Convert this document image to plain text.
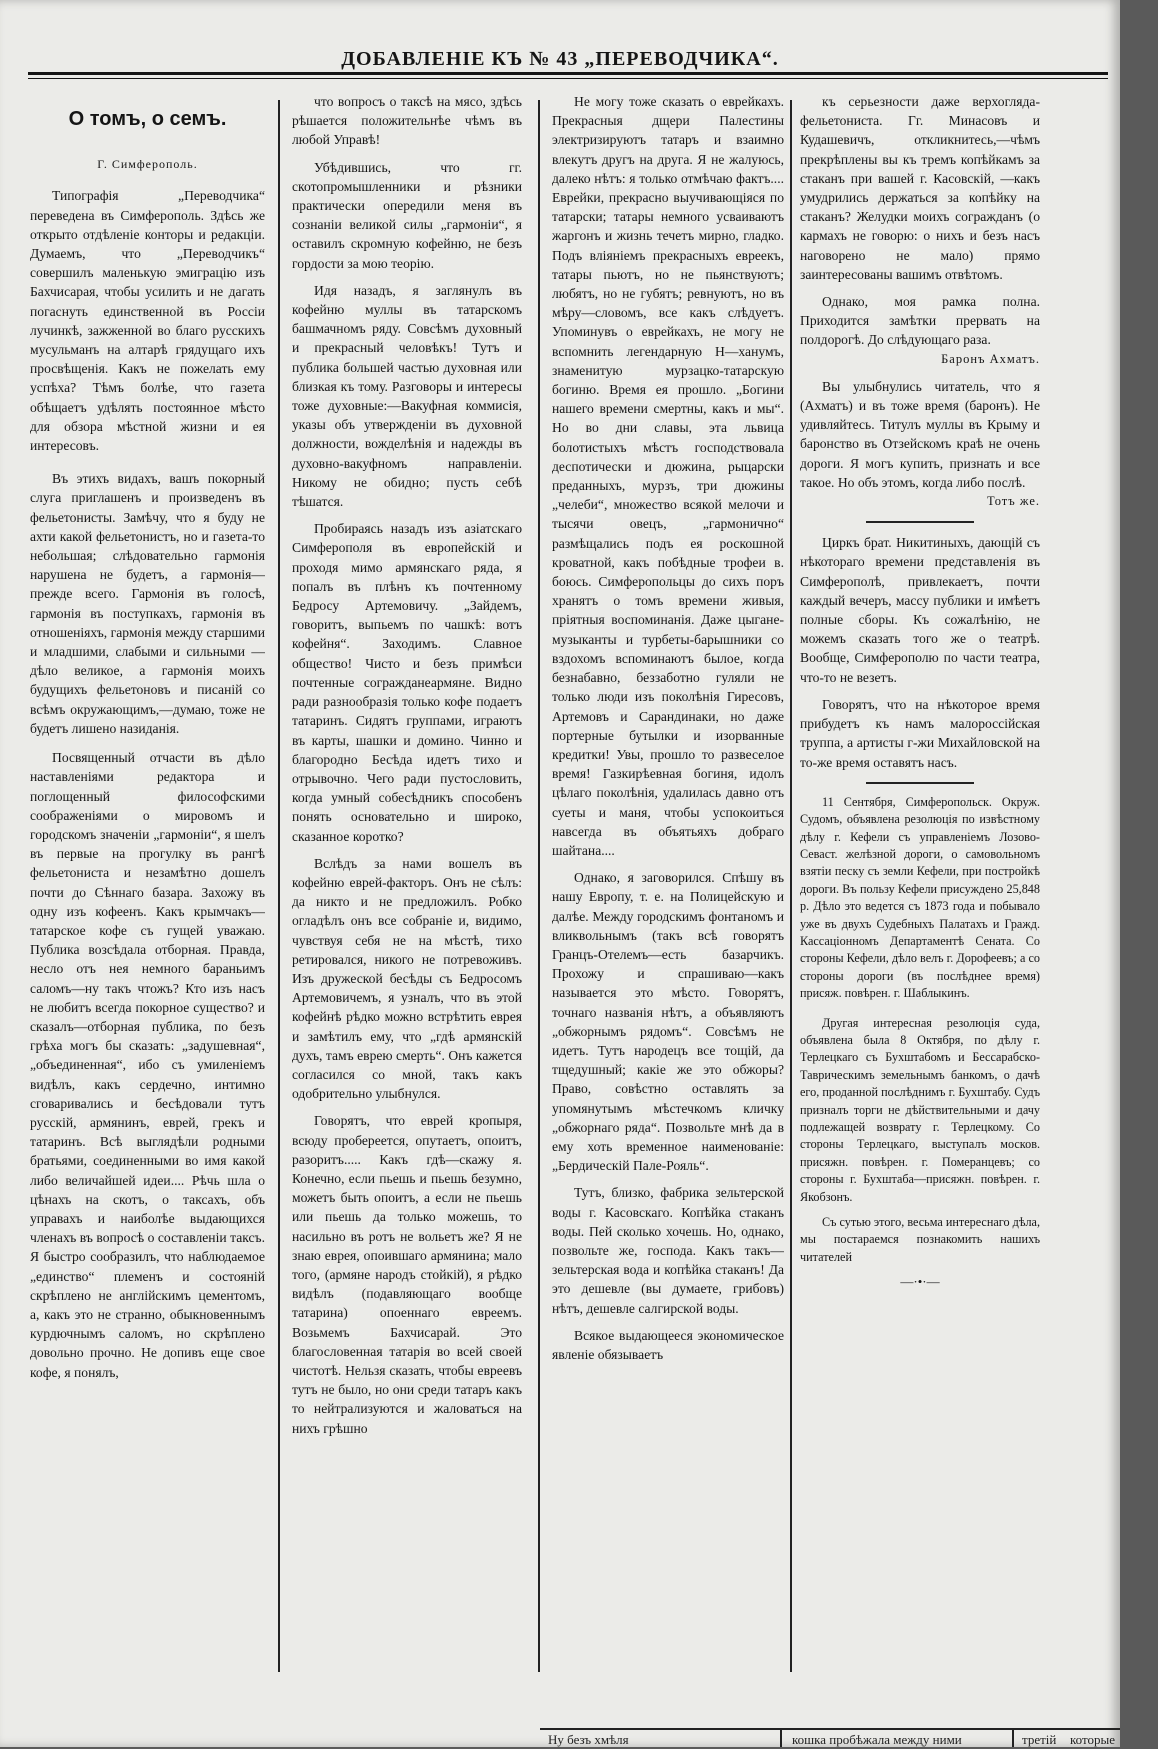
ДОБАВЛЕНІЕ КЪ № 43 „ПЕРЕВОДЧИКА“.
О томъ, о семъ.
Г. Симферополь.

Типографія „Переводчика“ переведена въ Симферополь. Здѣсь же открыто отдѣленіе конторы и редакціи. Думаемъ, что „Переводчикъ“ совершилъ маленькую эмиграцію изъ Бахчисарая, чтобы усилить и не дагать погаснуть единственной въ Россіи лучинкѣ, зажженной во благо русскихъ мусульманъ на алтарѣ грядущаго ихъ просвѣщенія. Какъ не пожелать ему успѣха? Тѣмъ болѣе, что газета обѣщаетъ удѣлять постоянное мѣсто для обзора мѣстной жизни и ея интересовъ.

Въ этихъ видахъ, вашъ покорный слуга приглашенъ и произведенъ въ фельетонисты. Замѣчу, что я буду не ахти какой фельетонистъ, но и газета-то небольшая; слѣдовательно гармонія нарушена не будетъ, а гармонія—прежде всего. Гармонія въ голосѣ, гармонія въ поступкахъ, гармонія въ отношеніяхъ, гармонія между старшими и младшими, слабыми и сильными —дѣло великое, а гармонія моихъ будущихъ фельетоновъ и писаній со всѣмъ окружающимъ,—думаю, тоже не будетъ лишено назиданія.

Посвященный отчасти въ дѣло наставленіями редактора и поглощенный философскими соображеніями о мировомъ и городскомъ значеніи „гармоніи“, я шелъ въ первые на прогулку въ рангѣ фельетониста и незамѣтно дошелъ почти до Сѣннаго базара. Захожу въ одну изъ кофеенъ. Какъ крымчакъ—татарское кофе съ гущей уважаю. Публика возсѣдала отборная. Правда, несло отъ нея немного бараньимъ саломъ—ну такъ чтожъ? Кто изъ насъ не любитъ всегда покорное существо? и сказалъ—отборная публика, по безъ грѣха могъ бы сказать: „задушевная“, „объединенная“, ибо съ умиленіемъ видѣлъ, какъ сердечно, интимно сговаривались и бесѣдовали тутъ русскій, армянинъ, еврей, грекъ и татаринъ. Всѣ выглядѣли родными братьями, соединенными во имя какой либо величайшей идеи.... Рѣчь шла о цѣнахъ на скотъ, о таксахъ, объ управахъ и наиболѣе выдающихся членахъ въ вопросѣ о составленіи таксъ. Я быстро сообразилъ, что наблюдаемое „единство“ племенъ и состояній скрѣплено не англійскимъ цементомъ, а, какъ это не странно, обыкновеннымъ курдючнымъ саломъ, но скрѣплено довольно прочно. Не допивъ еще свое кофе, я понялъ,

что вопросъ о таксѣ на мясо, здѣсь рѣшается положительнѣе чѣмъ въ любой Управѣ!

Убѣдившись, что гг. скотопромышленники и рѣзники практически опередили меня въ сознаніи великой силы „гармоніи“, я оставилъ скромную кофейню, не безъ гордости за мою теорію.

Идя назадъ, я заглянулъ въ кофейню муллы въ татарскомъ башмачномъ ряду. Совсѣмъ духовный и прекрасный человѣкъ! Тутъ и публика большей частью духовная или близкая къ тому. Разговоры и интересы тоже духовные:—Вакуфная коммисія, указы объ утвержденіи въ духовной должности, вожделѣнія и надежды въ духовно-вакуфномъ направленіи. Никому не обидно; пусть себѣ тѣшатся.

Пробираясь назадъ изъ азіатскаго Симферополя въ европейскій и проходя мимо армянскаго ряда, я попалъ въ плѣнъ къ почтенному Бедросу Артемовичу. „Зайдемъ, говоритъ, выпьемъ по чашкѣ: вотъ кофейня“. Заходимъ. Славное общество! Чисто и безъ примѣси почтенные согражданеармяне. Видно ради разнообразія только кофе подаетъ татаринъ. Сидятъ группами, играютъ въ карты, шашки и домино. Чинно и благородно Бесѣда идетъ тихо и отрывочно. Чего ради пустословить, когда умный собесѣдникъ способенъ понять основательно и широко, сказанное коротко?

Вслѣдъ за нами вошелъ въ кофейню еврей-факторъ. Онъ не сѣлъ: да никто и не предложилъ. Робко огладѣлъ онъ все собраніе и, видимо, чувствуя себя не на мѣстѣ, тихо ретировался, никого не потревоживъ. Изъ дружеской бесѣды съ Бедросомъ Артемовичемъ, я узналъ, что въ этой кофейнѣ рѣдко можно встрѣтить еврея и замѣтилъ ему, что „гдѣ армянскій духъ, тамъ еврею смерть“. Онъ кажется согласился со мной, такъ какъ одобрительно улыбнулся.

Говорятъ, что еврей кропыря, всюду пробереется, опутаетъ, опоитъ, разоритъ..... Какъ гдѣ—скажу я. Конечно, если пьешь и пьешь безумно, можетъ быть опоитъ, а если не пьешь или пьешь да только можешь, то насильно въ ротъ не вольетъ же? Я не знаю еврея, опоившаго армянина; мало того, (армяне народъ стойкій), я рѣдко видѣлъ (подавляющаго вообще татарина) опоеннаго евреемъ. Возьмемъ Бахчисарай. Это благословенная татарія во всей своей чистотѣ. Нельзя сказать, чтобы евреевъ тутъ не было, но они среди татаръ какъ то нейтрализуются и жаловаться на нихъ грѣшно

Не могу тоже сказать о еврейкахъ. Прекрасныя дщери Палестины электризируютъ татаръ и взаимно влекутъ другъ на друга. Я не жалуюсь, далеко нѣтъ: я только отмѣчаю фактъ.... Еврейки, прекрасно выучивающіяся по татарски; татары немного усваиваютъ жаргонъ и жизнь течетъ мирно, гладко. Подъ вліяніемъ прекрасныхъ евреекъ, татары пьютъ, но не пьянствуютъ; любятъ, но не губятъ; ревнуютъ, но въ мѣру—словомъ, все какъ слѣдуетъ. Упоминувъ о еврейкахъ, не могу не вспомнить легендарную Н—ханумъ, знаменитую мурзацко-татарскую богиню. Время ея прошло. „Богини нашего времени смертны, какъ и мы“. Но во дни славы, эта львица болотистыхъ мѣстъ господствовала деспотически и дюжина, рыцарски преданныхъ, мурзъ, три дюжины „челеби“, множество всякой мелочи и тысячи овецъ, „гармонично“ размѣщались подъ ея роскошной кроватной, какъ побѣдные трофеи в. боюсь. Симферопольцы до сихъ поръ хранятъ о томъ времени живыя, пріятныя воспоминанія. Даже цыгане-музыканты и турбеты-барышники со вздохомъ вспоминаютъ былое, когда безнабавно, беззаботно гуляли не только люди изъ поколѣнія Гиресовъ, Артемовъ и Сарандинаки, но даже портерные бутылки и изорванные кредитки! Увы, прошло то развеселое время! Газкирѣевная богиня, идолъ цѣлаго поколѣнія, удалилась давно отъ суеты и маня, чтобы успокоиться навсегда въ объятьяхъ добраго шайтана....

Однако, я заговорился. Спѣшу въ нашу Европу, т. е. на Полицейскую и далѣе. Между городскимъ фонтаномъ и вликвольнымъ (такъ всѣ говорятъ Гранцъ-Отелемъ—есть базарчикъ. Прохожу и спрашиваю—какъ называется это мѣсто. Говорятъ, точнаго названія нѣтъ, а объявляютъ „обжорнымъ рядомъ“. Совсѣмъ не идетъ. Тутъ народецъ все тощій, да тщедушный; какіе же это обжоры? Право, совѣстно оставлять за упомянутымъ мѣстечкомъ кличку „обжорнаго ряда“. Позвольте мнѣ да в ему хоть временное наименованіе: „Бердическій Пале-Рояль“.

Тутъ, близко, фабрика зельтерской воды г. Касовскаго. Копѣйка стаканъ воды. Пей сколько хочешь. Но, однако, позвольте же, господа. Какъ такъ—зельтерская вода и копѣйка стаканъ! Да это дешевле (вы думаете, грибовъ) нѣтъ, дешевле салгирской воды.

Всякое выдающееся экономическое явленіе обязываетъ

къ серьезности даже верхогляда-фельетониста. Гг. Минасовъ и Кудашевичъ, откликнитесь,—чѣмъ прекрѣплены вы къ тремъ копѣйкамъ за стаканъ при вашей г. Касовскій, —какъ умудрились держаться за копѣйку на стаканъ? Желудки моихъ согражданъ (о кармахъ не говорю: о нихъ и безъ насъ наговорено не мало) прямо заинтересованы вашимъ отвѣтомъ.

Однако, моя рамка полна. Приходится замѣтки прервать на полдорогѣ. До слѣдующаго раза.

Баронъ Ахматъ.

Вы улыбнулись читатель, что я (Ахматъ) и въ тоже время (баронъ). Не удивляйтесь. Титулъ муллы въ Крыму и баронство въ Отзейскомъ краѣ не очень дороги. Я могъ купить, признать и все такое. Но объ этомъ, когда либо послѣ.

Тотъ же.

Циркъ брат. Никитиныхъ, дающій съ нѣкотораго времени представленія въ Симферополѣ, привлекаетъ, почти каждый вечеръ, массу публики и имѣетъ полные сборы. Къ сожалѣнію, не можемъ сказать того же о театрѣ. Вообще, Симферополю по части театра, что-то не везетъ.

Говорятъ, что на нѣкоторое время прибудетъ къ намъ малороссійская труппа, а артисты г-жи Михайловской на то-же время оставятъ насъ.

11 Сентября, Симферопольск. Окруж. Судомъ, объявлена резолюція по извѣстному дѣлу г. Кефели съ управленіемъ Лозово-Севаст. желѣзной дороги, о самовольномъ взятіи песку съ земли Кефели, при постройкѣ дороги. Въ пользу Кефели присуждено 25,848 р. Дѣло это ведется съ 1873 года и побывало уже въ двухъ Судебныхъ Палатахъ и Гражд. Кассаціонномъ Департаментѣ Сената. Со стороны Кефели, дѣло велъ г. Дорофеевъ; а со стороны дороги (въ послѣднее время) присяж. повѣрен. г. Шаблыкинъ.

Другая интересная резолюція суда, объявлена была 8 Октября, по дѣлу г. Терлецкаго съ Бухштабомъ и Бессарабско-Таврическимъ земельнымъ банкомъ, о дачѣ его, проданной послѣднимъ г. Бухштабу. Судъ призналъ торги не дѣйствительными и дачу подлежащей возврату г. Терлецкому. Со стороны Терлецкаго, выступалъ москов. присяжн. повѣрен. г. Померанцевъ; со стороны г. Бухштаба—присяжн. повѣрен. г. Якобзонъ.

Съ сутью этого, весьма интереснаго дѣла, мы постараемся познакомить нашихъ читателей

—·•·—
Ну безъ хмѣля	кошка пробѣжала между ними	третій которые
